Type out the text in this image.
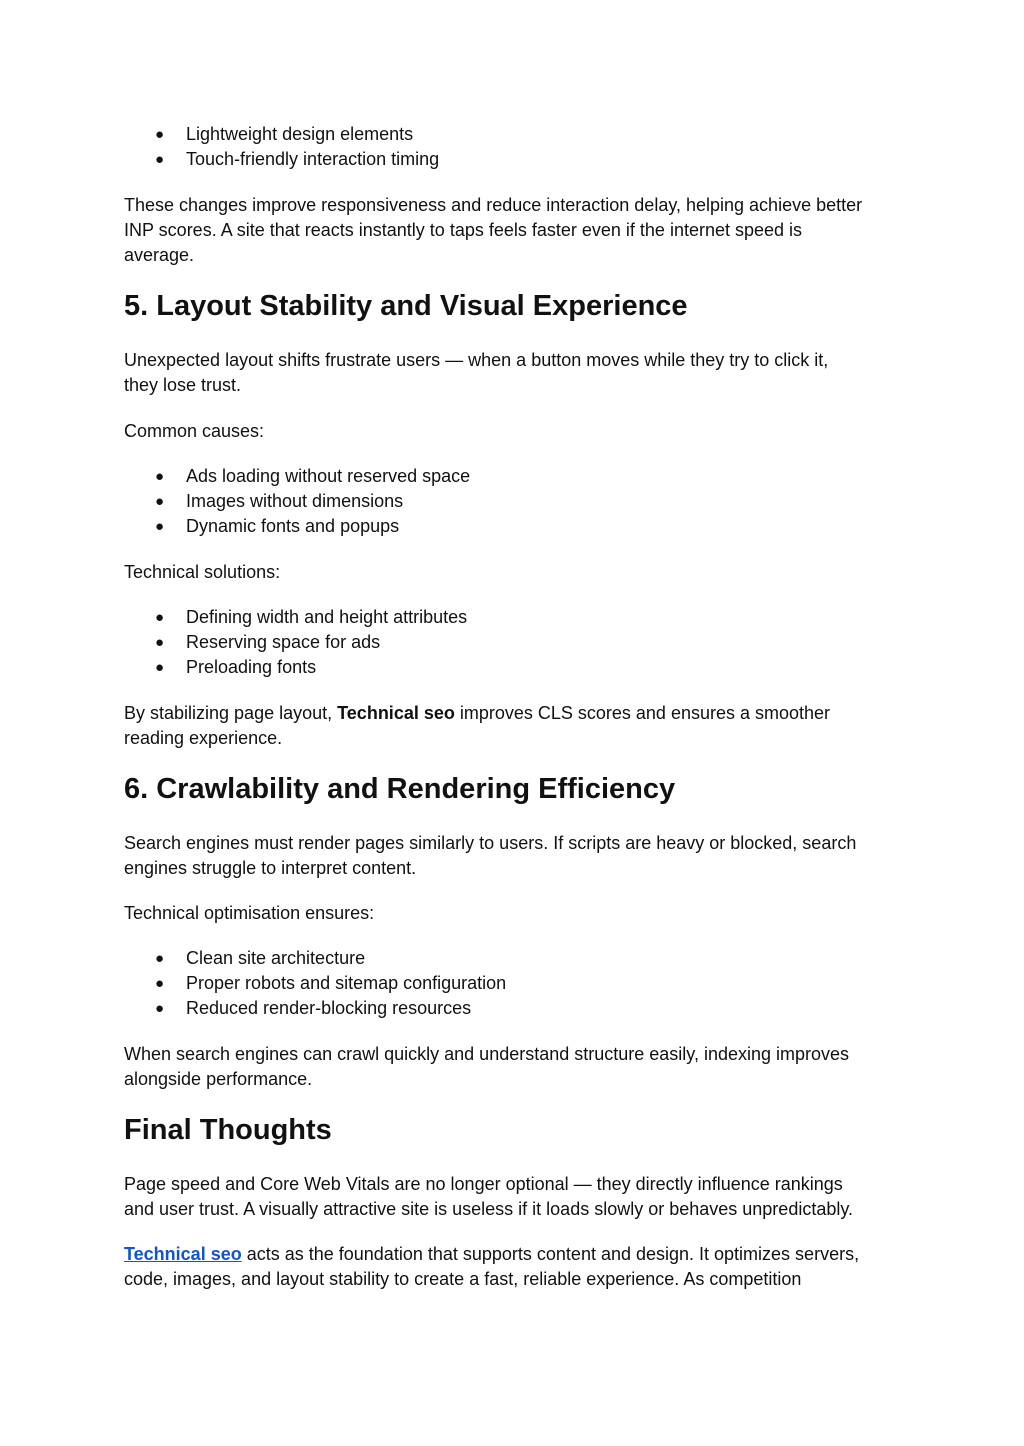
● Lightweight design elements
● Touch-friendly interaction timing

These changes improve responsiveness and reduce interaction delay, helping achieve better
INP scores. A site that reacts instantly to taps feels faster even if the internet speed is
average.

5. Layout Stability and Visual Experience

Unexpected layout shifts frustrate users — when a button moves while they try to click it,
they lose trust.

Common causes:

● Ads loading without reserved space
● Images without dimensions
● Dynamic fonts and popups

Technical solutions:

● Defining width and height attributes
● Reserving space for ads
● Preloading fonts

By stabilizing page layout, Technical seo improves CLS scores and ensures a smoother
reading experience.

6. Crawlability and Rendering Efficiency

Search engines must render pages similarly to users. If scripts are heavy or blocked, search
engines struggle to interpret content.

Technical optimisation ensures:

● Clean site architecture
● Proper robots and sitemap configuration
● Reduced render-blocking resources

When search engines can crawl quickly and understand structure easily, indexing improves
alongside performance.

Final Thoughts

Page speed and Core Web Vitals are no longer optional — they directly influence rankings
and user trust. A visually attractive site is useless if it loads slowly or behaves unpredictably.

Technical seo acts as the foundation that supports content and design. It optimizes servers,
code, images, and layout stability to create a fast, reliable experience. As competition
